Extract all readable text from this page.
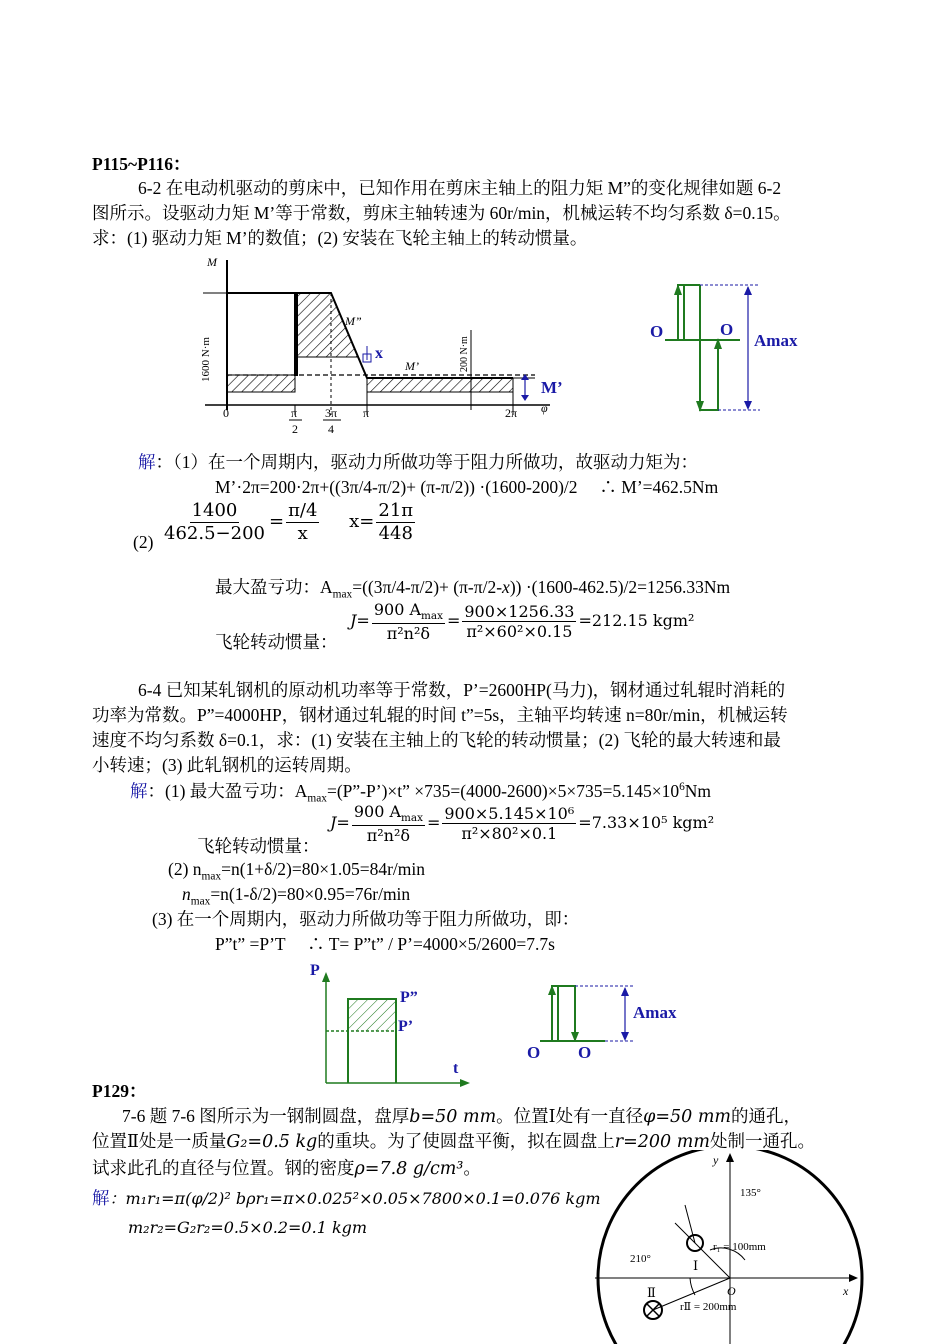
P115~P116：
6-2 在电动机驱动的剪床中，已知作用在剪床主轴上的阻力矩 M”的变化规律如题 6-2
图所示。设驱动力矩 M’等于常数，剪床主轴转速为 60r/min，机械运转不均匀系数 δ=0.15。
求：(1) 驱动力矩 M’的数值；(2) 安装在飞轮主轴上的转动惯量。
M
1600 N·m	200 N·m
x
M”
M’
M’
0	π
2
3π
4
π	2π φ
O	O
Amax
解：（1）在一个周期内，驱动力所做功等于阻力所做功，故驱动力矩为：
M’·2π=200·2π+((3π/4-π/2)+ (π-π/2)) ·(1600-200)/2 　∴ M’=462.5Nm
$(2) \frac{1400}{462.5-200} = \frac{\pi/4}{x} x= \frac{21\pi}{448}$
最大盈亏功：$A_{max}=((3\pi/4-\pi/2)+ (\pi-\pi/2-x)) \cdot(1600-462.5)/2=1256.33Nm$
飞轮转动惯量：
$J= \frac{900 A_{max}}{\text{π²n²δ}} = \frac{900\times 1256.33}{\text{π²×60²×0.15}} =212.15$ kgm²
6-4 已知某轧钢机的原动机功率等于常数，P’=2600HP(马力)，钢材通过轧辊时消耗的
功率为常数。P”=4000HP，钢材通过轧辊的时间 t”=5s，主轴平均转速 n=80r/min，机械运转
速度不均匀系数 δ=0.1，求：(1) 安装在主轴上的飞轮的转动惯量；(2) 飞轮的最大转速和最
小转速；(3) 此轧钢机的运转周期。
解：(1) 最大盈亏功：$A_{max}=(P”-P’)\times t$” $\times 735=(4000-2600)\times 5\times 735=5.145\times 10^6Nm$
飞轮转动惯量：
$J= \frac{900 A_{max}}{\text{π²n²δ}} = \frac{\text{900×5.145×10⁶}}{\text{π²×80²×0.1}} =7.33\times 10^5$ kgm²
(2) $n_{max}=n(1+\delta/2)=80\times 1.05=84r/\min$
$n_{max}=n(1-\delta/2)=80\times 0.95=76r/\min$
(3) 在一个周期内，驱动力所做功等于阻力所做功，即：
P”t” =P’T 　∴ T= P”t” / P’=4000×5/2600=7.7s
P
P”
P’
t
O O
Amax
P129：
7-6 题 7-6 图所示为一钢制圆盘，盘厚b=50 mm。位置Ⅰ处有一直径φ=50 mm的通孔，
位置Ⅱ处是一质量G₂=0.5 kg的重块。为了使圆盘平衡，拟在圆盘上r=200 mm处制一通孔。
试求此孔的直径与位置。钢的密度ρ=7.8 g/cm³。
解：m₁r₁=π(φ/2)² bρr₁=π×0.025²×0.05×7800×0.1=0.076 kgm
m₂r₂=G₂r₂=0.5×0.2=0.1 kgm
y
x
O
Ⅰ
r₁ = 100mm
135°
210°
Ⅱ
rⅡ = 200mm
